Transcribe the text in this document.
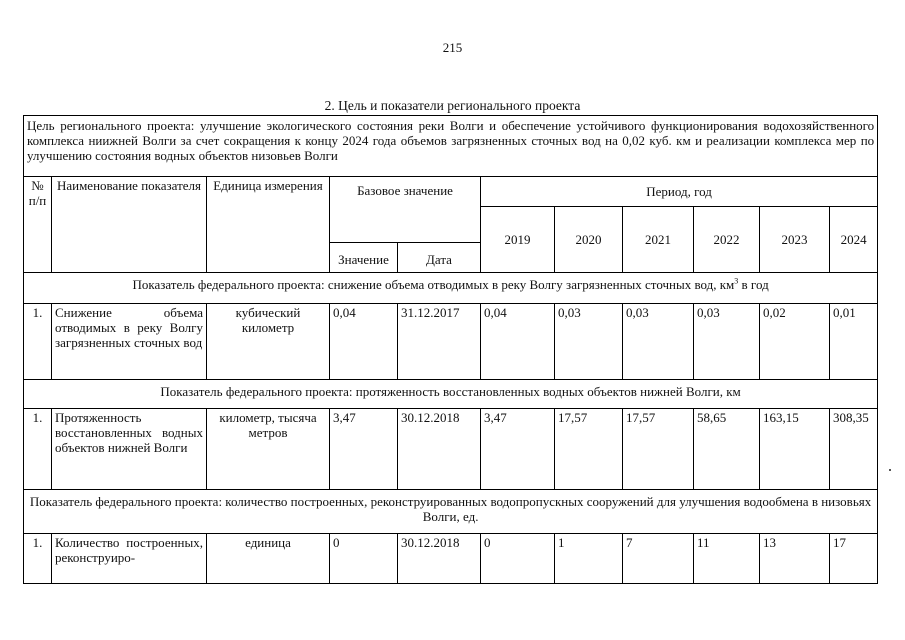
215
2. Цель и показатели регионального проекта
Цель регионального проекта: улучшение экологического состояния реки Волги и обеспечение устойчивого функционирования водохозяйственного комплекса ниижней Волги за счет сокращения к концу 2024 года объемов загрязненных сточных вод на 0,02 куб. км и реализации комплекса мер по улучшению состояния водных объектов низовьев Волги										
№ п/п	Наименование показателя	Единица измерения	Базовое значение		Период, год					
					2019	2020	2021	2022	2023	2024
			Значение	Дата						
Показатель федерального проекта: снижение объема отводимых в реку Волгу загрязненных сточных вод, $км^3$ в год										
1.	Снижение объема отводимых в реку Волгу загрязненных сточных вод	кубический километр	0,04	31.12.2017	0,04	0,03	0,03	0,03	0,02	0,01
Показатель федерального проекта: протяженность восстановленных водных объектов нижней Волги, км										
1.	Протяженность восстановленных водных объектов нижней Волги	километр, тысяча метров	3,47	30.12.2018	3,47	17,57	17,57	58,65	163,15	308,35
Показатель федерального проекта: количество построенных, реконструированных водопропускных сооружений для улучшения водообмена в низовьях Волги, ед.										
1.	Количество построенных, реконструиро-	единица	0	30.12.2018	0	1	7	11	13	17
